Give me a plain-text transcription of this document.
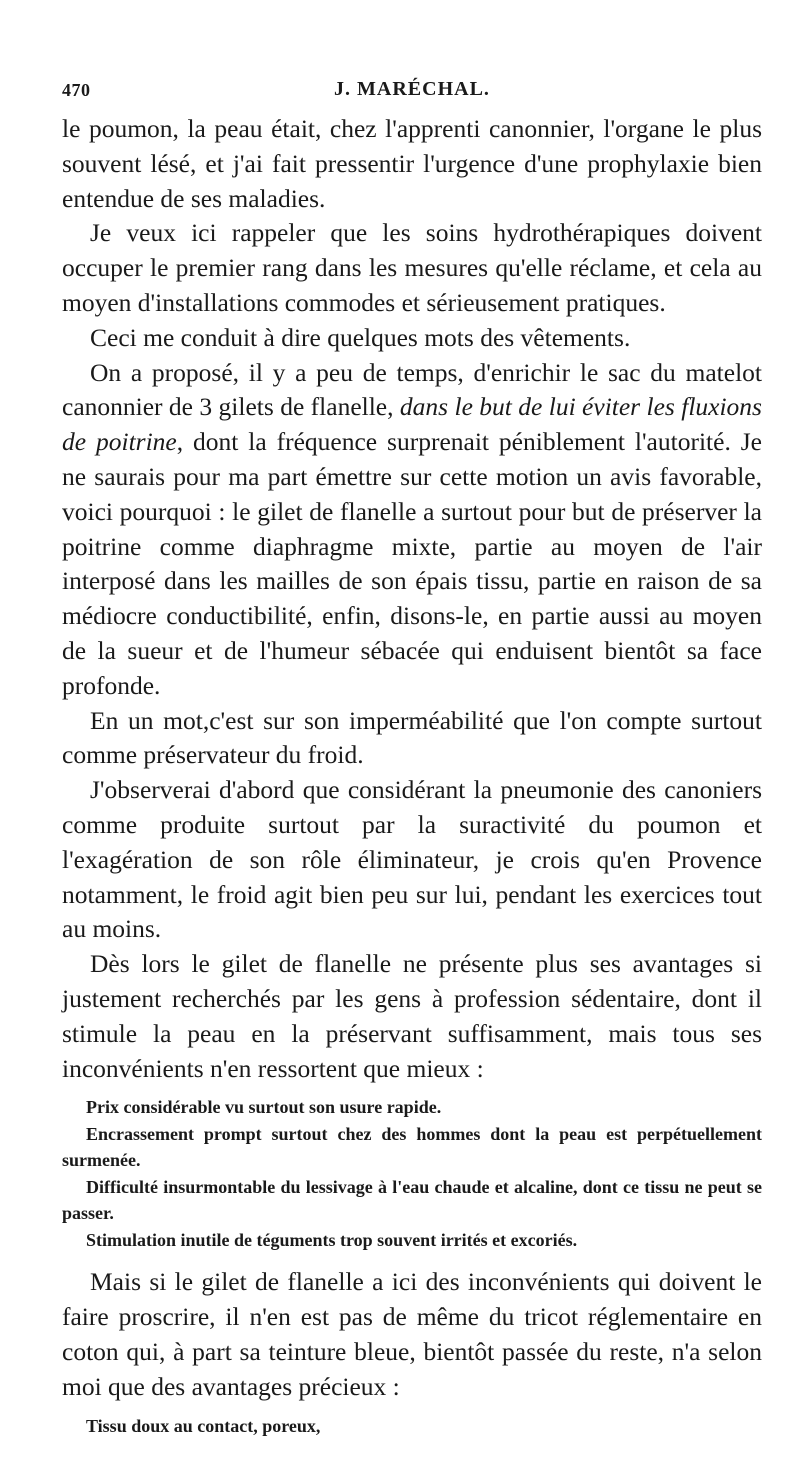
470	J. MARÉCHAL.

le poumon, la peau était, chez l'apprenti canonnier, l'organe le plus souvent lésé, et j'ai fait pressentir l'urgence d'une prophylaxie bien entendue de ses maladies.

Je veux ici rappeler que les soins hydrothérapiques doivent occuper le premier rang dans les mesures qu'elle réclame, et cela au moyen d'installations commodes et sérieusement pratiques.

Ceci me conduit à dire quelques mots des vêtements.

On a proposé, il y a peu de temps, d'enrichir le sac du matelot canonnier de 3 gilets de flanelle, dans le but de lui éviter les fluxions de poitrine, dont la fréquence surprenait péniblement l'autorité. Je ne saurais pour ma part émettre sur cette motion un avis favorable, voici pourquoi : le gilet de flanelle a surtout pour but de préserver la poitrine comme diaphragme mixte, partie au moyen de l'air interposé dans les mailles de son épais tissu, partie en raison de sa médiocre conductibilité, enfin, disons-le, en partie aussi au moyen de la sueur et de l'humeur sébacée qui enduisent bientôt sa face profonde.

En un mot,c'est sur son imperméabilité que l'on compte surtout comme préservateur du froid.

J'observerai d'abord que considérant la pneumonie des canoniers comme produite surtout par la suractivité du poumon et l'exagération de son rôle éliminateur, je crois qu'en Provence notamment, le froid agit bien peu sur lui, pendant les exercices tout au moins.

Dès lors le gilet de flanelle ne présente plus ses avantages si justement recherchés par les gens à profession sédentaire, dont il stimule la peau en la préservant suffisamment, mais tous ses inconvénients n'en ressortent que mieux :

Prix considérable vu surtout son usure rapide.

Encrassement prompt surtout chez des hommes dont la peau est perpétuellement surmenée.

Difficulté insurmontable du lessivage à l'eau chaude et alcaline, dont ce tissu ne peut se passer.

Stimulation inutile de téguments trop souvent irrités et excoriés.

Mais si le gilet de flanelle a ici des inconvénients qui doivent le faire proscrire, il n'en est pas de même du tricot réglementaire en coton qui, à part sa teinture bleue, bientôt passée du reste, n'a selon moi que des avantages précieux :

Tissu doux au contact, poreux,
